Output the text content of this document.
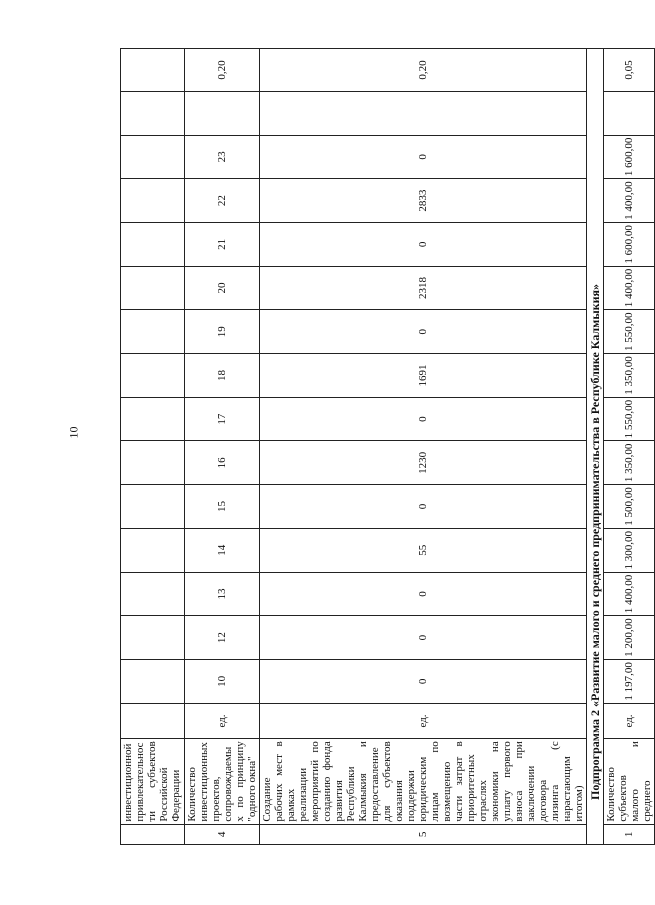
10
	инвестиционной привлекательности субъектов Российской Федерации																
4	Количество инвестиционных проектов, сопровождаемых по принципу "одного окна"	ед.	10	12	13	14	15	16	17	18	19	20	21	22	23		0,20
5	Создание рабочих мест в рамках реализации мероприятий по созданию фонда развития Республики Калмыкия и предоставление для субъектов оказания поддержки юридическим лицам по возмещению части затрат в приоритетных отраслях экономики на уплату первого взноса при заключении договора лизинга (с нарастающим итогом)	ед.	0	0	0	55	0	1230	0	1691	0	2318	0	2833	0		0,20
Подпрограмма 2 «Развитие малого и среднего предпринимательства в Республике Калмыкия»																	
1	Количество субъектов малого и среднего	ед.	1 197,00	1 200,00	1 400,00	1 300,00	1 500,00	1 350,00	1 550,00	1 350,00	1 550,00	1 400,00	1 600,00	1 400,00	1 600,00		0,05
